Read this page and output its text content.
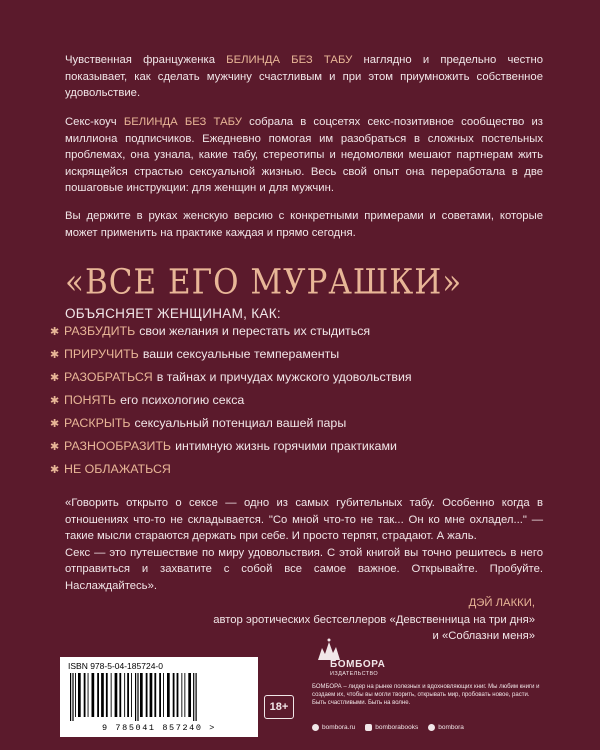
Чувственная француженка БЕЛИНДА БЕЗ ТАБУ наглядно и предельно честно показывает, как сделать мужчину счастливым и при этом приумножить собственное удовольствие.

Секс-коуч БЕЛИНДА БЕЗ ТАБУ собрала в соцсетях секс-позитивное сообщество из миллиона подписчиков. Ежедневно помогая им разобраться в сложных постельных проблемах, она узнала, какие табу, стереотипы и недомолвки мешают партнерам жить искрящейся страстью сексуальной жизнью. Весь свой опыт она переработала в две пошаговые инструкции: для женщин и для мужчин.

Вы держите в руках женскую версию с конкретными примерами и советами, которые может применить на практике каждая и прямо сегодня.

«ВСЕ ЕГО МУРАШКИ»
ОБЪЯСНЯЕТ ЖЕНЩИНАМ, КАК:
✱ РАЗБУДИТЬ свои желания и перестать их стыдиться
✱ ПРИРУЧИТЬ ваши сексуальные темпераменты
✱ РАЗОБРАТЬСЯ в тайнах и причудах мужского удовольствия
✱ ПОНЯТЬ его психологию секса
✱ РАСКРЫТЬ сексуальный потенциал вашей пары
✱ РАЗНООБРАЗИТЬ интимную жизнь горячими практиками
✱ НЕ ОБЛАЖАТЬСЯ
«Говорить открыто о сексе — одно из самых губительных табу. Особенно когда в отношениях что-то не складывается. "Со мной что-то не так... Он ко мне охладел..." — такие мысли стараются держать при себе. И просто терпят, страдают. А жаль.
Секс — это путешествие по миру удовольствия. С этой книгой вы точно решитесь в него отправиться и захватите с собой все самое важное. Открывайте. Пробуйте. Наслаждайтесь».
ДЭЙ ЛАККИ,
автор эротических бестселлеров «Девственница на три дня»
и «Соблазни меня»
ISBN 978-5-04-185724-0
9 785041 857240 >
18+
БОМБОРА
ИЗДАТЕЛЬСТВО
БОМБОРА – лидер на рынке полезных и вдохновляющих книг. Мы любим книги и создаем их, чтобы вы могли творить, открывать мир, пробовать новое, расти. Быть счастливыми. Быть на волне.
bombora.ru	bomborabooks	bombora
